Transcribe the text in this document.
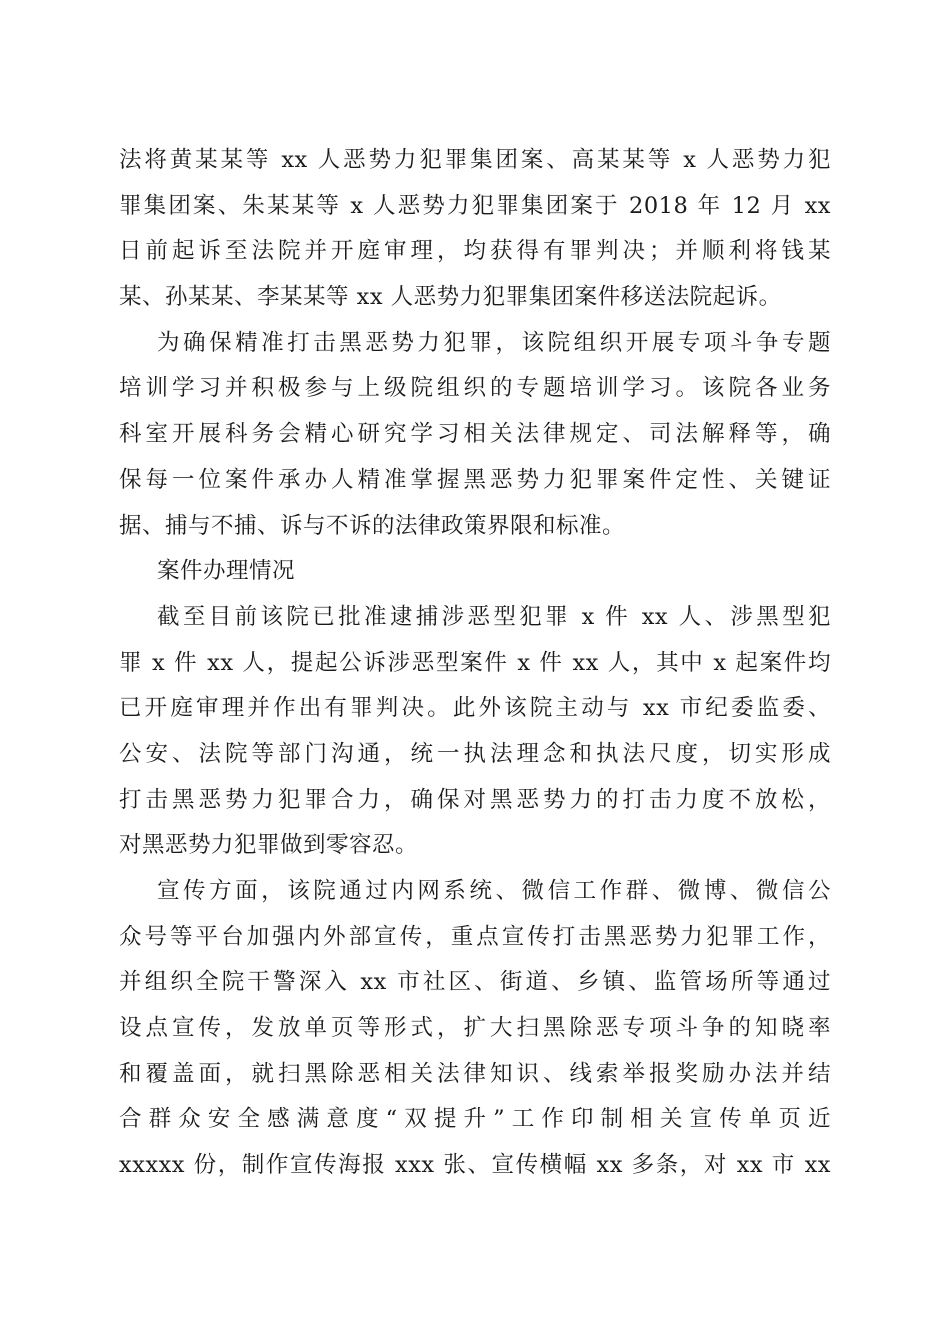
法将黄某某等 xx 人恶势力犯罪集团案、高某某等 x 人恶势力犯
罪集团案、朱某某等 x 人恶势力犯罪集团案于 2018 年 12 月 xx
日前起诉至法院并开庭审理，均获得有罪判决；并顺利将钱某
某、孙某某、李某某等 xx 人恶势力犯罪集团案件移送法院起诉。
为确保精准打击黑恶势力犯罪，该院组织开展专项斗争专题
培训学习并积极参与上级院组织的专题培训学习。该院各业务
科室开展科务会精心研究学习相关法律规定、司法解释等，确
保每一位案件承办人精准掌握黑恶势力犯罪案件定性、关键证
据、捕与不捕、诉与不诉的法律政策界限和标准。
案件办理情况
截至目前该院已批准逮捕涉恶型犯罪 x 件 xx 人、涉黑型犯
罪 x 件 xx 人，提起公诉涉恶型案件 x 件 xx 人，其中 x 起案件均
已开庭审理并作出有罪判决。此外该院主动与 xx 市纪委监委、
公安、法院等部门沟通，统一执法理念和执法尺度，切实形成
打击黑恶势力犯罪合力，确保对黑恶势力的打击力度不放松，
对黑恶势力犯罪做到零容忍。
宣传方面，该院通过内网系统、微信工作群、微博、微信公
众号等平台加强内外部宣传，重点宣传打击黑恶势力犯罪工作，
并组织全院干警深入 xx 市社区、街道、乡镇、监管场所等通过
设点宣传，发放单页等形式，扩大扫黑除恶专项斗争的知晓率
和覆盖面，就扫黑除恶相关法律知识、线索举报奖励办法并结
合群众安全感满意度“双提升”工作印制相关宣传单页近
xxxxx 份，制作宣传海报 xxx 张、宣传横幅 xx 多条，对 xx 市 xx
